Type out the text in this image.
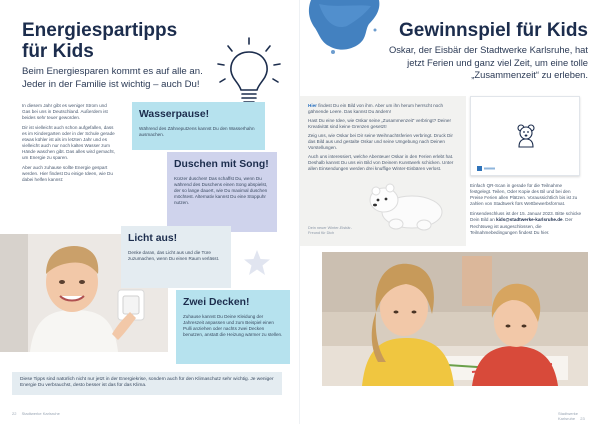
Energiespartipps
für Kids
Beim Energiesparen kommt es auf alle an. Jeder in der Familie ist wichtig – auch Du!

In diesem Jahr gibt es weniger Strom und Gas bei uns in Deutschland. Außerdem ist beides sehr teuer geworden.

Dir ist vielleicht auch schon aufgefallen, dass es im Kindergarten oder in der Schule gerade etwas kühler ist als im letzten Jahr und es vielleicht auch nur noch kaltes Wasser zum Hände waschen gibt. Das alles wird gemacht, um Energie zu sparen.

Aber auch zuhause sollte Energie gespart werden. Hier findest Du einige Ideen, wie Du dabei helfen kannst:

Wasserpause!
Während des Zähneputzens kannst Du den Wasserhahn ausmachen.
Duschen mit Song!
Kürzer duschen! Das schaffst Du, wenn Du während des Duschens einen Song abspielst, der so lange dauert, wie Du maximal duschen möchtest. Alternativ kannst Du eine Stoppuhr nutzen.
Licht aus!
Denke daran, das Licht aus und die Türe zuzumachen, wenn Du einen Raum verlässt.
Zwei Decken!
Zuhause kannst Du Deine Kleidung der Jahreszeit anpassen und zum Beispiel einen Pulli anziehen oder nachts zwei Decken benutzen, anstatt die Heizung wärmer zu stellen.
Diese Tipps sind natürlich nicht nur jetzt in der Energiekrise, sondern auch für den Klimaschutz sehr wichtig. Je weniger Energie Du verbrauchst, desto besser ist das für das Klima.
22 Stadtwerke Karlsruhe
Gewinnspiel für Kids
Oskar, der Eisbär der Stadtwerke Karlsruhe, hat jetzt Ferien und ganz viel Zeit, um eine tolle „Zusammenzeit“ zu erleben.

Hier findest Du ein Bild von ihm. Aber um ihn herum herrscht noch gähnende Leere. Das kannst Du ändern!

Hast Du eine Idee, wie Oskar seine „Zusammenzeit“ verbringt? Deiner Kreativität sind keine Grenzen gesetzt!

Zeig uns, wie Oskar bei Dir seine Weihnachtsferien verbringt. Druck Dir das Bild aus und gestalte Oskar und seine Umgebung nach Deinen Vorstellungen.

Auch uns interessiert, welche Abenteuer Oskar in den Ferien erlebt hat. Deshalb kannst Du uns ein Bild von Deinem Kunstwerk schicken. Unter allen Einsendungen werden drei knuffige Winter-Eisbären verlost.

Dein neuer Winter-Eisbär-Freund für Dich

Einfach QR-Scan in gerade für die Teilnahme festgelegt. Teilen, Oder Kopie des Bil und bei den Preise Ferien allen Plätzen. Voraussichtlich bis ist zu zahlen von Stadtwerk fürs Wettbewerbsformat.

Einsendeschluss ist der 15. Januar 2023. Bitte schicke Dein Bild an kids@stadtwerke-karlsruhe.de. Der Rechtsweg ist ausgeschlossen, die Teilnahmebedingungen findest Du hier.

Stadtwerke Karlsruhe 23
